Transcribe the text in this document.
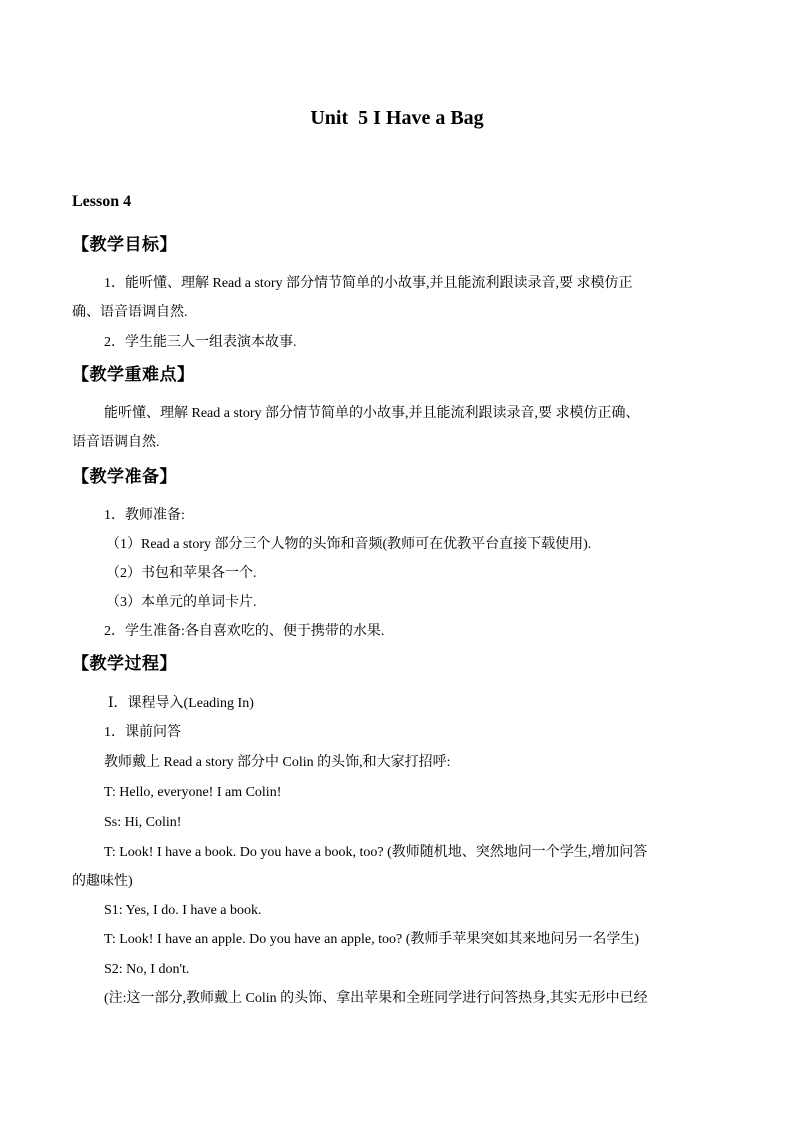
Unit  5 I Have a Bag
Lesson 4
【教学目标】
1．能听懂、理解 Read a story 部分情节简单的小故事,并且能流利跟读录音,要 求模仿正
确、语音语调自然.
2．学生能三人一组表演本故事.
【教学重难点】
能听懂、理解 Read a story 部分情节简单的小故事,并且能流利跟读录音,要 求模仿正确、
语音语调自然.
【教学准备】
1．教师准备:
（1）Read a story 部分三个人物的头饰和音频(教师可在优教平台直接下载使用).
（2）书包和苹果各一个.
（3）本单元的单词卡片.
2．学生准备:各自喜欢吃的、便于携带的水果.
【教学过程】
Ⅰ．课程导入(Leading In)
1．课前问答
教师戴上 Read a story 部分中 Colin 的头饰,和大家打招呼:
T: Hello, everyone! I am Colin!
Ss: Hi, Colin!
T: Look! I have a book. Do you have a book, too? (教师随机地、突然地问一个学生,增加问答
的趣味性)
S1: Yes, I do. I have a book.
T: Look! I have an apple. Do you have an apple, too? (教师手苹果突如其来地问另一名学生)
S2: No, I don't.
(注:这一部分,教师戴上 Colin 的头饰、拿出苹果和全班同学进行问答热身,其实无形中已经
